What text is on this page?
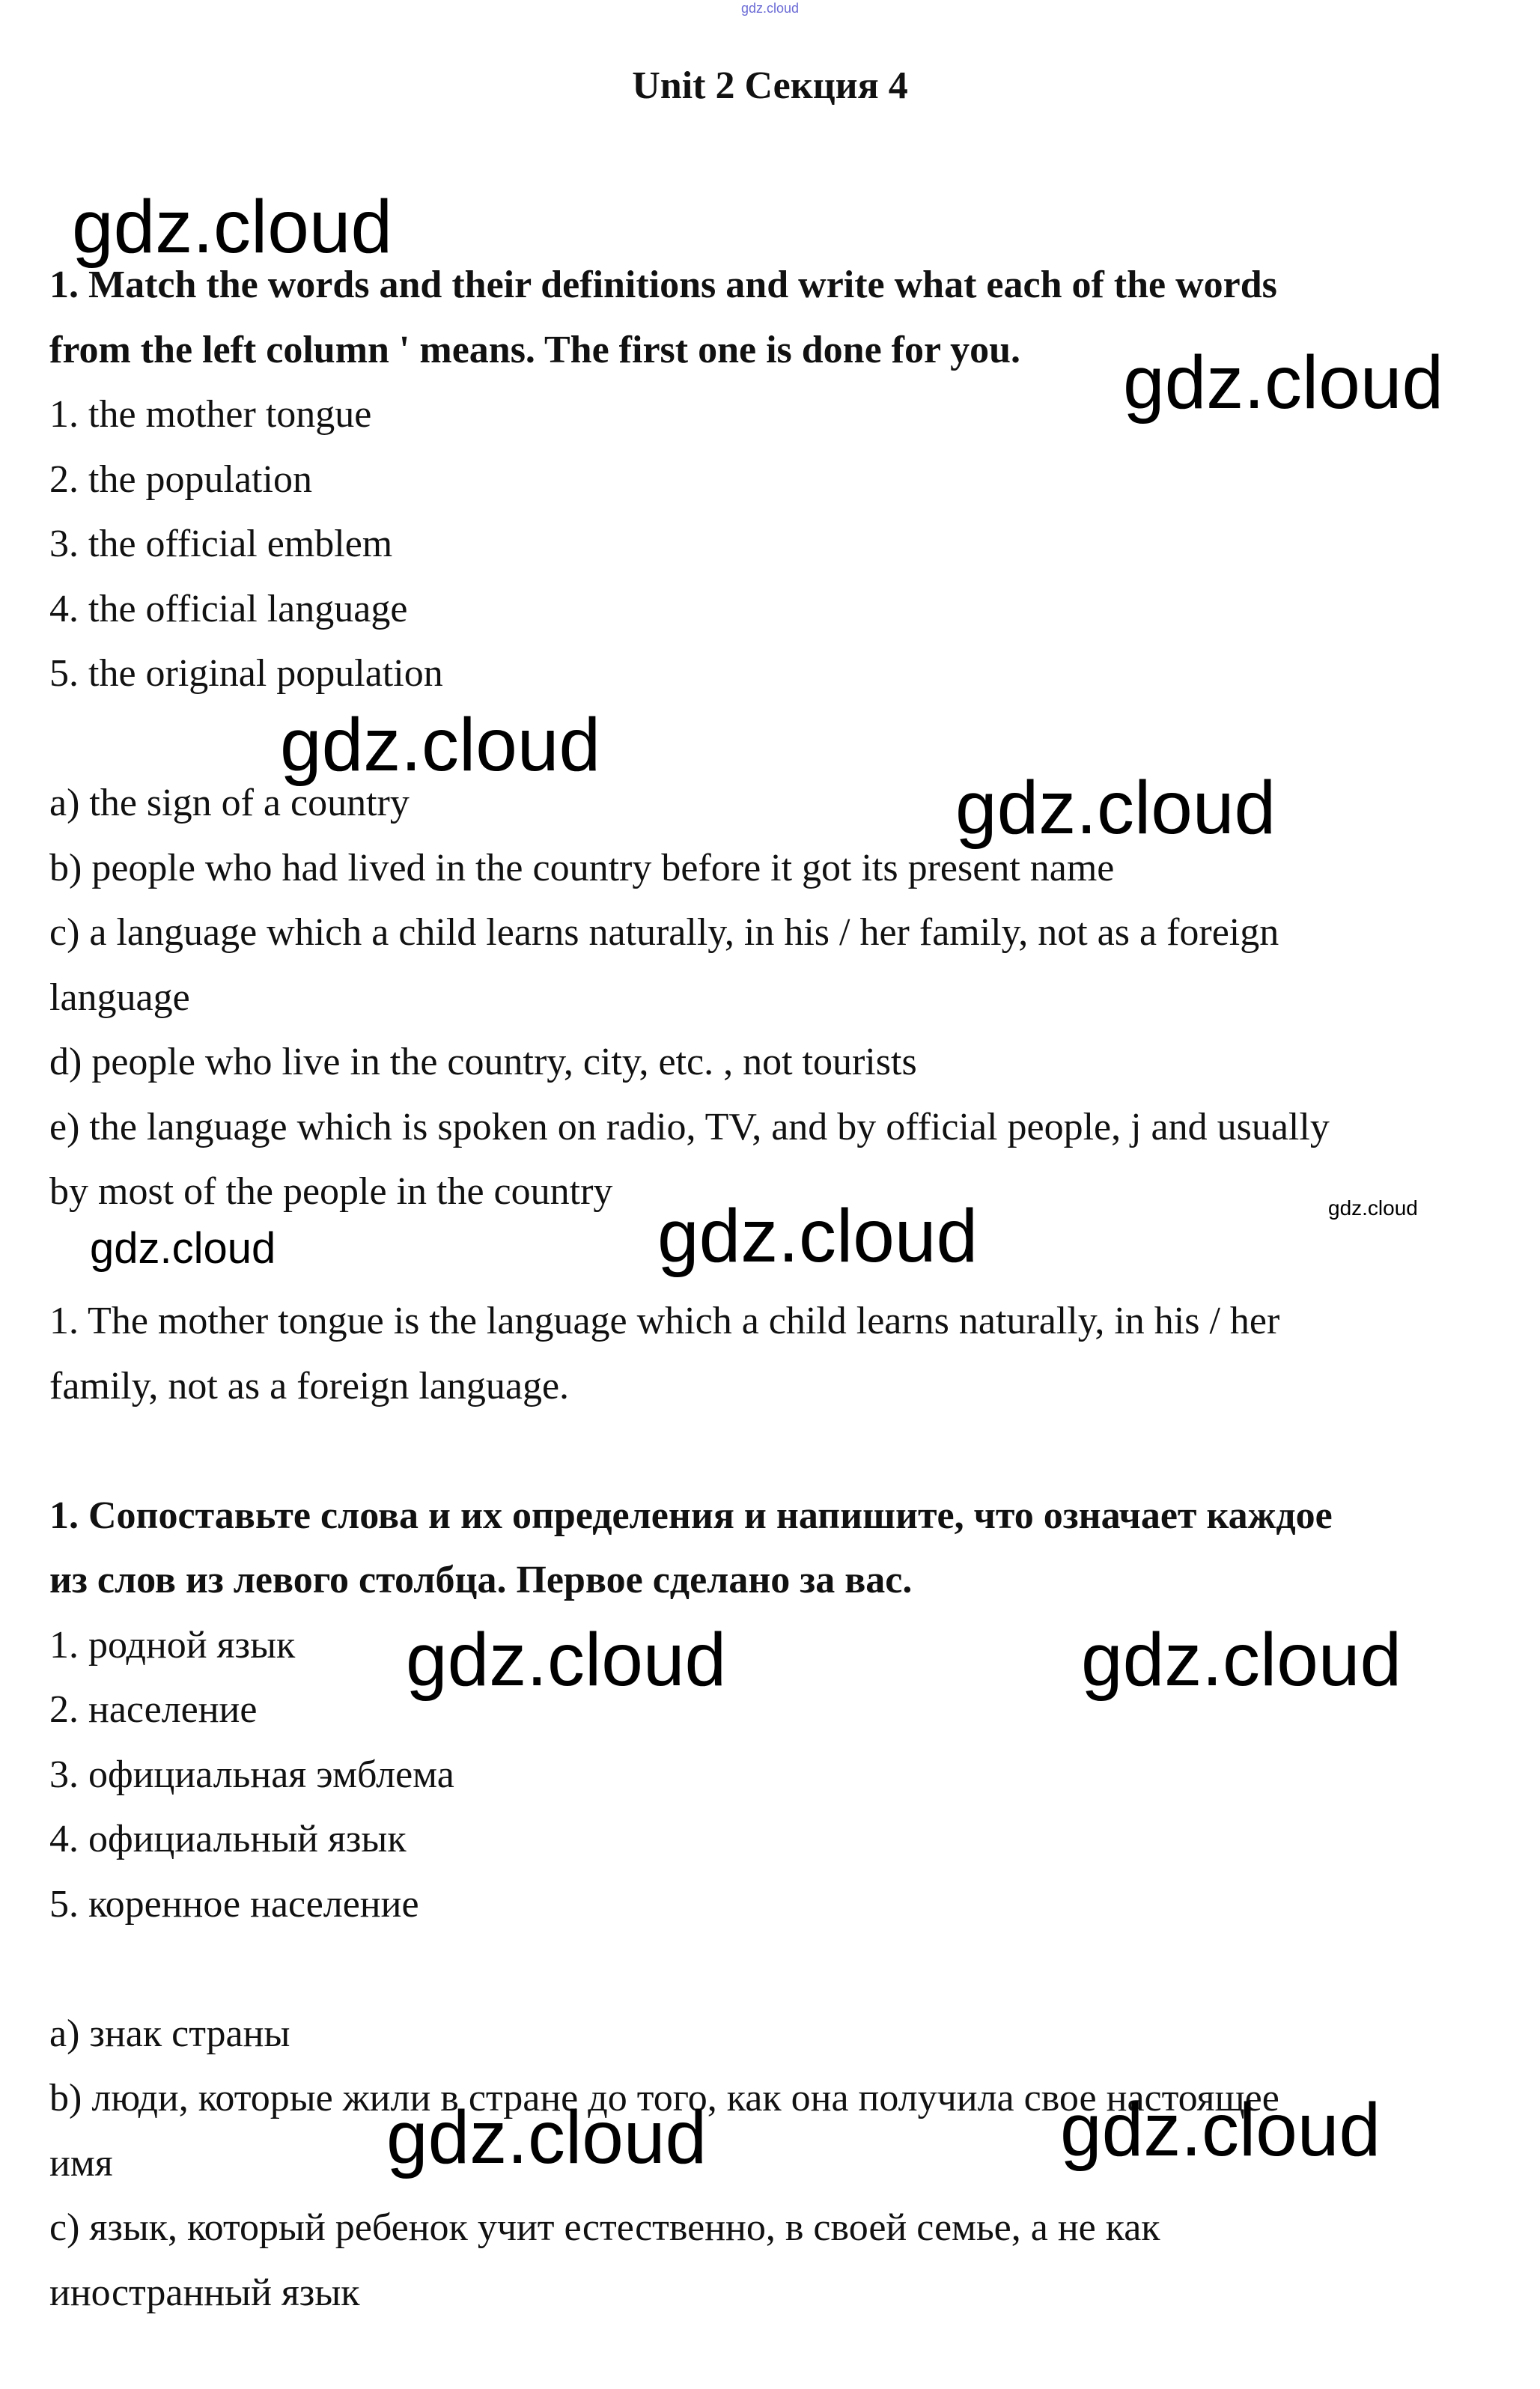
gdz.cloud
Unit 2 Секция 4

1. Match the words and their definitions and write what each of the words

from the left column ' means. The first one is done for you.

1. the mother tongue

2. the population

3. the official emblem

4. the official language

5. the original population

a) the sign of a country

b) people who had lived in the country before it got its present name

c) a language which a child learns naturally, in his / her family, not as a foreign

language

d) people who live in the country, city, etc. , not tourists

e) the language which is spoken on radio, TV, and by official people, j and usually

by most of the people in the country

1. The mother tongue is the language which a child learns naturally, in his / her

family, not as a foreign language.

1. Сопоставьте слова и их определения и напишите, что означает каждое

из слов из левого столбца. Первое сделано за вас.

1. родной язык

2. население

3. официальная эмблема

4. официальный язык

5. коренное население

a) знак страны

b) люди, которые жили в стране до того, как она получила свое настоящее

имя

c) язык, который ребенок учит естественно, в своей семье, а не как

иностранный язык

gdz.cloud
gdz.cloud
gdz.cloud
gdz.cloud
gdz.cloud	gdz.cloud	gdz.cloud
gdz.cloud	gdz.cloud
gdz.cloud	gdz.cloud
